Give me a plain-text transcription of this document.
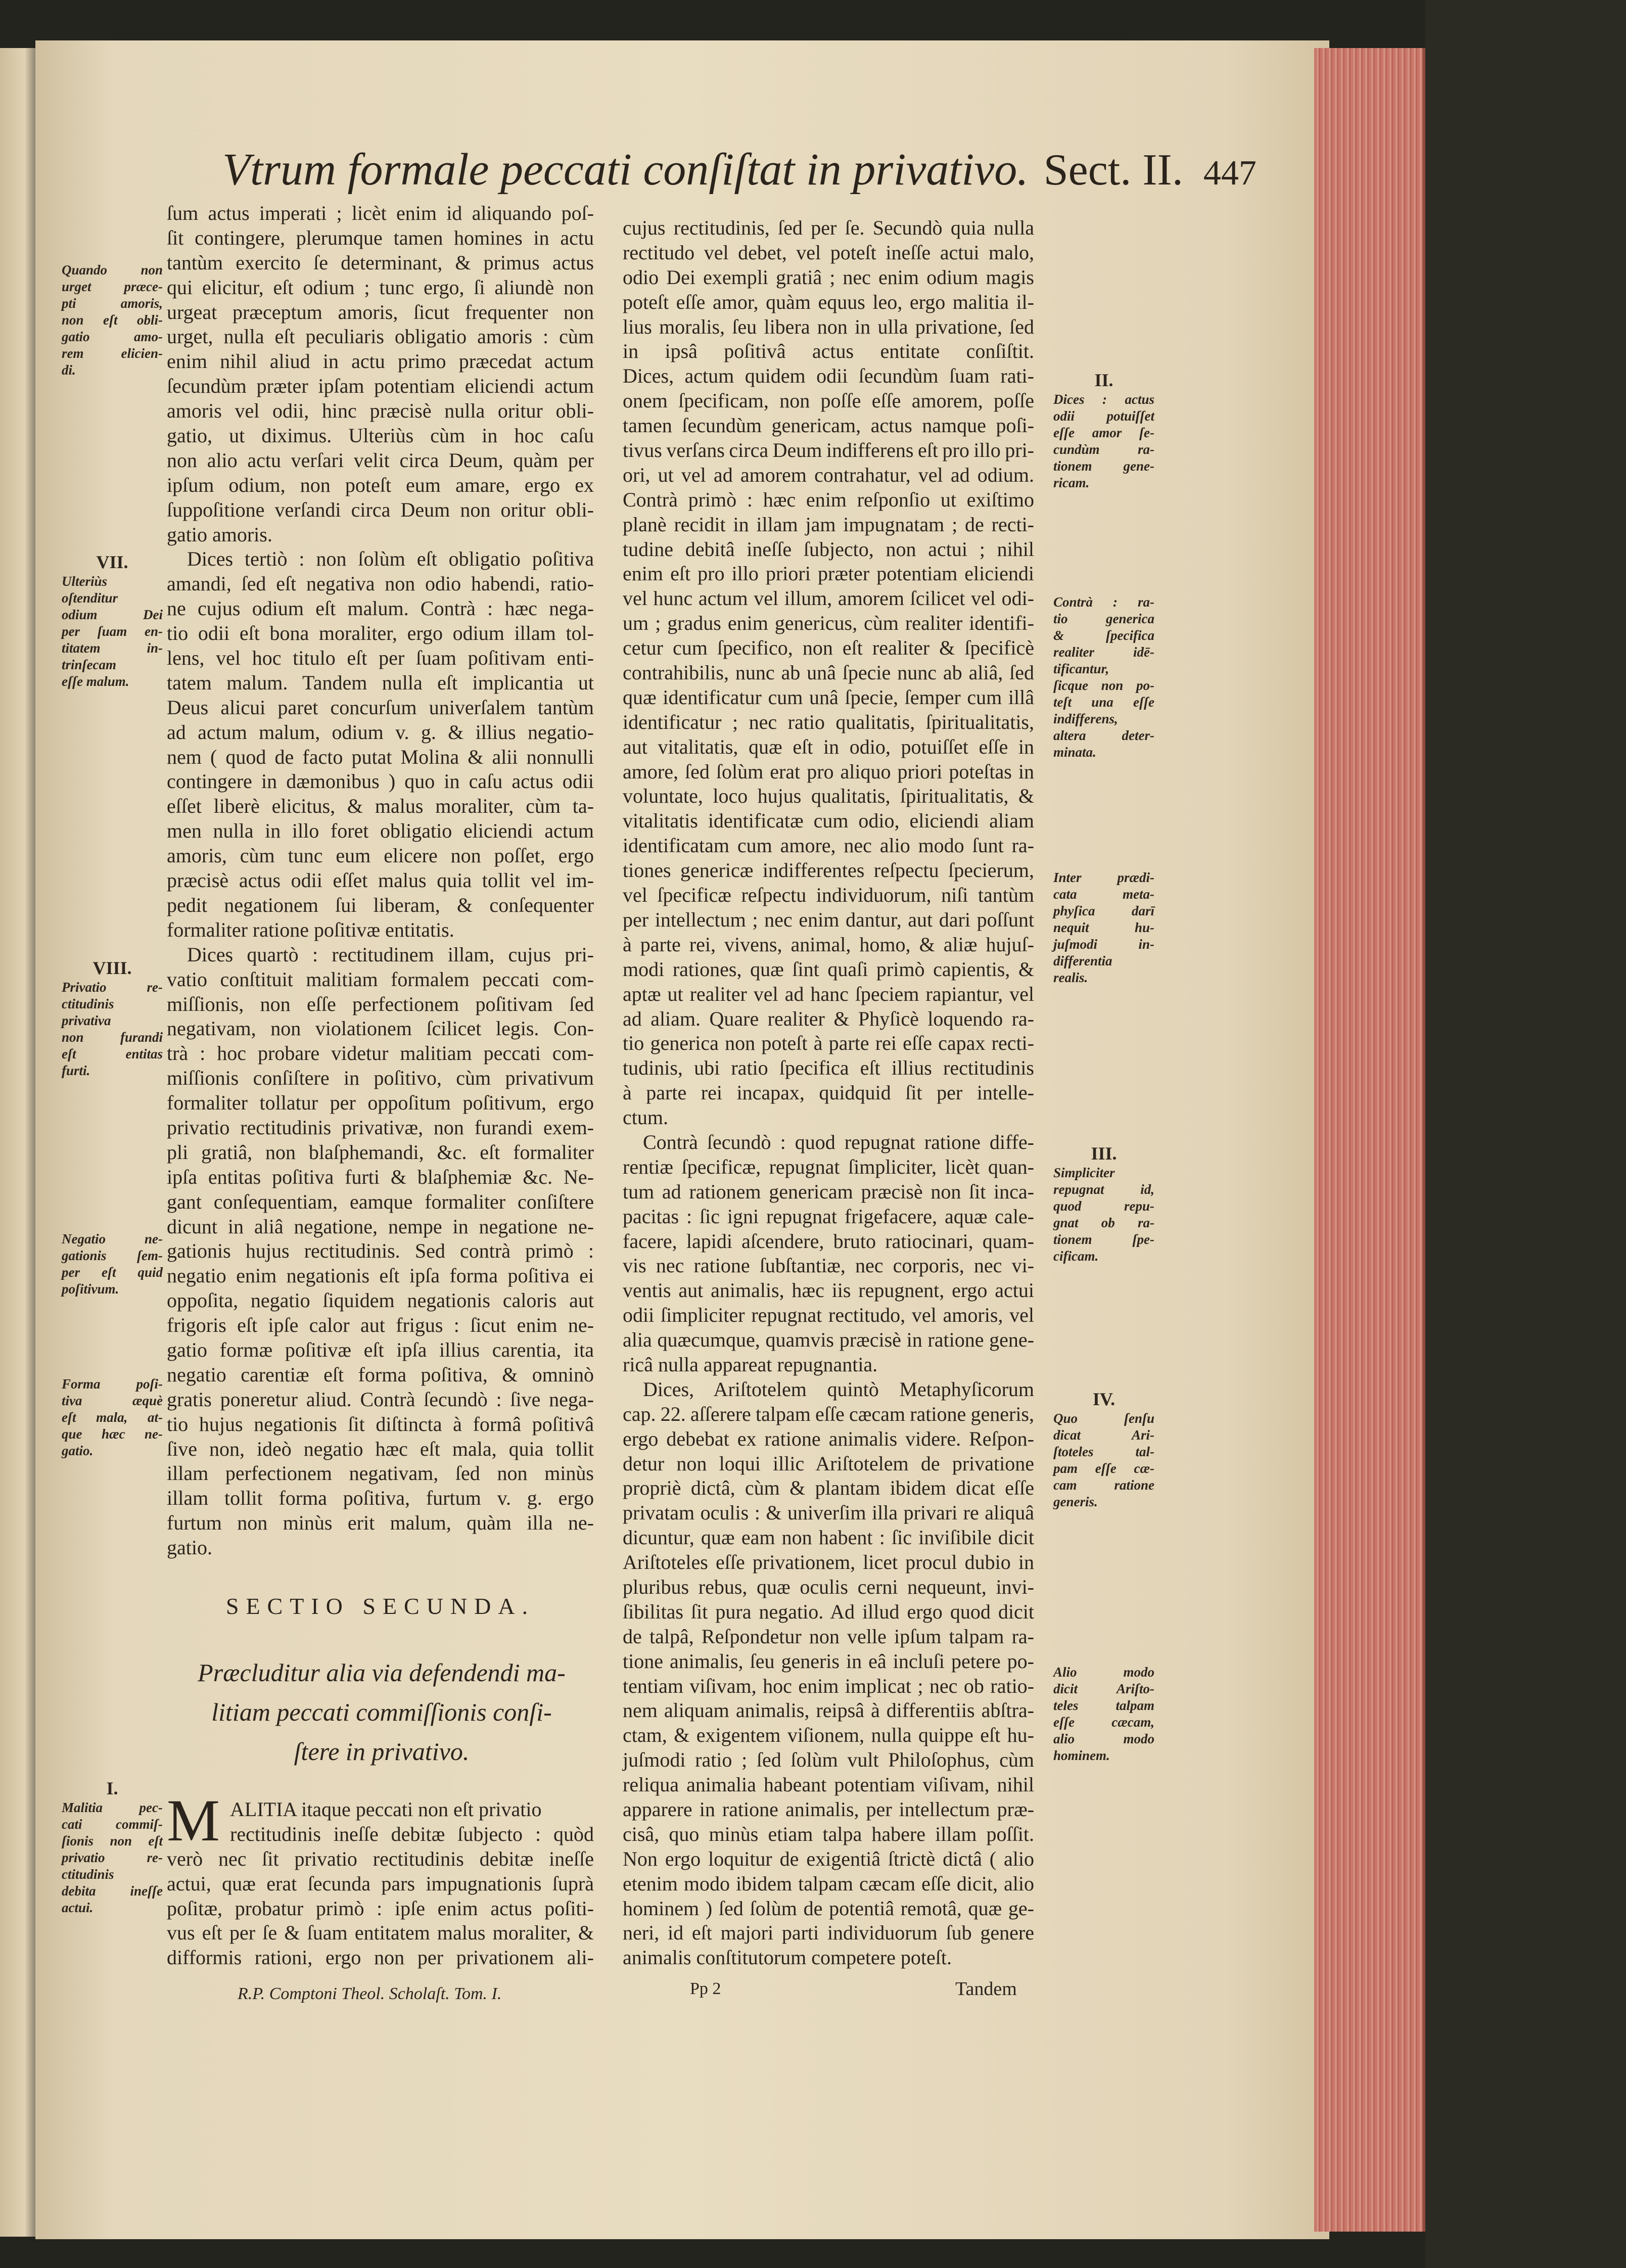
Vtrum formale peccati conſiſtat in privativo. Sect. II. 447
ſum actus imperati ; licèt enim id aliquando poſ-
ſit contingere, plerumque tamen homines in actu
tantùm exercito ſe determinant, & primus actus
qui elicitur, eſt odium ; tunc ergo, ſi aliundè non
urgeat præceptum amoris, ſicut frequenter non
urget, nulla eſt peculiaris obligatio amoris : cùm
enim nihil aliud in actu primo præcedat actum
ſecundùm præter ipſam potentiam eliciendi actum
amoris vel odii, hinc præcisè nulla oritur obli-
gatio, ut diximus. Ulteriùs cùm in hoc caſu
non alio actu verſari velit circa Deum, quàm per
ipſum odium, non poteſt eum amare, ergo ex
ſuppoſitione verſandi circa Deum non oritur obli-
gatio amoris.
Dices tertiò : non ſolùm eſt obligatio poſitiva
amandi, ſed eſt negativa non odio habendi, ratio-
ne cujus odium eſt malum. Contrà : hæc nega-
tio odii eſt bona moraliter, ergo odium illam tol-
lens, vel hoc titulo eſt per ſuam poſitivam enti-
tatem malum. Tandem nulla eſt implicantia ut
Deus alicui paret concurſum univerſalem tantùm
ad actum malum, odium v. g. & illius negatio-
nem ( quod de facto putat Molina & alii nonnulli
contingere in dæmonibus ) quo in caſu actus odii
eſſet liberè elicitus, & malus moraliter, cùm ta-
men nulla in illo foret obligatio eliciendi actum
amoris, cùm tunc eum elicere non poſſet, ergo
præcisè actus odii eſſet malus quia tollit vel im-
pedit negationem ſui liberam, & conſequenter
formaliter ratione poſitivæ entitatis.
Dices quartò : rectitudinem illam, cujus pri-
vatio conſtituit malitiam formalem peccati com-
miſſionis, non eſſe perfectionem poſitivam ſed
negativam, non violationem ſcilicet legis. Con-
trà : hoc probare videtur malitiam peccati com-
miſſionis conſiſtere in poſitivo, cùm privativum
formaliter tollatur per oppoſitum poſitivum, ergo
privatio rectitudinis privativæ, non furandi exem-
pli gratiâ, non blaſphemandi, &c. eſt formaliter
ipſa entitas poſitiva furti & blaſphemiæ &c. Ne-
gant conſequentiam, eamque formaliter conſiſtere
dicunt in aliâ negatione, nempe in negatione ne-
gationis hujus rectitudinis. Sed contrà primò :
negatio enim negationis eſt ipſa forma poſitiva ei
oppoſita, negatio ſiquidem negationis caloris aut
frigoris eſt ipſe calor aut frigus : ſicut enim ne-
gatio formæ poſitivæ eſt ipſa illius carentia, ita
negatio carentiæ eſt forma poſitiva, & omninò
gratis poneretur aliud. Contrà ſecundò : ſive nega-
tio hujus negationis ſit diſtincta à formâ poſitivâ
ſive non, ideò negatio hæc eſt mala, quia tollit
illam perfectionem negativam, ſed non minùs
illam tollit forma poſitiva, furtum v. g. ergo
furtum non minùs erit malum, quàm illa ne-
gatio.
SECTIO SECUNDA.
Præcluditur alia via defendendi ma-
litiam peccati commiſſionis conſi-
ſtere in privativo.
M ALITIA itaque peccati non eſt privatio
rectitudinis ineſſe debitæ ſubjecto : quòd
verò nec ſit privatio rectitudinis debitæ ineſſe
actui, quæ erat ſecunda pars impugnationis ſuprà
poſitæ, probatur primò : ipſe enim actus poſiti-
vus eſt per ſe & ſuam entitatem malus moraliter, &
difformis rationi, ergo non per privationem ali-
cujus rectitudinis, ſed per ſe. Secundò quia nulla
rectitudo vel debet, vel poteſt ineſſe actui malo,
odio Dei exempli gratiâ ; nec enim odium magis
poteſt eſſe amor, quàm equus leo, ergo malitia il-
lius moralis, ſeu libera non in ulla privatione, ſed
in ipsâ poſitivâ actus entitate conſiſtit.
Dices, actum quidem odii ſecundùm ſuam rati-
onem ſpecificam, non poſſe eſſe amorem, poſſe
tamen ſecundùm genericam, actus namque poſi-
tivus verſans circa Deum indifferens eſt pro illo pri-
ori, ut vel ad amorem contrahatur, vel ad odium.
Contrà primò : hæc enim reſponſio ut exiſtimo
planè recidit in illam jam impugnatam ; de recti-
tudine debitâ ineſſe ſubjecto, non actui ; nihil
enim eſt pro illo priori præter potentiam eliciendi
vel hunc actum vel illum, amorem ſcilicet vel odi-
um ; gradus enim genericus, cùm realiter identifi-
cetur cum ſpecifico, non eſt realiter & ſpecificè
contrahibilis, nunc ab unâ ſpecie nunc ab aliâ, ſed
quæ identificatur cum unâ ſpecie, ſemper cum illâ
identificatur ; nec ratio qualitatis, ſpiritualitatis,
aut vitalitatis, quæ eſt in odio, potuiſſet eſſe in
amore, ſed ſolùm erat pro aliquo priori poteſtas in
voluntate, loco hujus qualitatis, ſpiritualitatis, &
vitalitatis identificatæ cum odio, eliciendi aliam
identificatam cum amore, nec alio modo ſunt ra-
tiones genericæ indifferentes reſpectu ſpecierum,
vel ſpecificæ reſpectu individuorum, niſi tantùm
per intellectum ; nec enim dantur, aut dari poſſunt
à parte rei, vivens, animal, homo, & aliæ hujuſ-
modi rationes, quæ ſint quaſi primò capientis, &
aptæ ut realiter vel ad hanc ſpeciem rapiantur, vel
ad aliam. Quare realiter & Phyſicè loquendo ra-
tio generica non poteſt à parte rei eſſe capax recti-
tudinis, ubi ratio ſpecifica eſt illius rectitudinis
à parte rei incapax, quidquid ſit per intelle-
ctum.
Contrà ſecundò : quod repugnat ratione diffe-
rentiæ ſpecificæ, repugnat ſimpliciter, licèt quan-
tum ad rationem genericam præcisè non ſit inca-
pacitas : ſic igni repugnat frigefacere, aquæ cale-
facere, lapidi aſcendere, bruto ratiocinari, quam-
vis nec ratione ſubſtantiæ, nec corporis, nec vi-
ventis aut animalis, hæc iis repugnent, ergo actui
odii ſimpliciter repugnat rectitudo, vel amoris, vel
alia quæcumque, quamvis præcisè in ratione gene-
ricâ nulla appareat repugnantia.
Dices, Ariſtotelem quintò Metaphyſicorum
cap. 22. aſſerere talpam eſſe cæcam ratione generis,
ergo debebat ex ratione animalis videre. Reſpon-
detur non loqui illic Ariſtotelem de privatione
propriè dictâ, cùm & plantam ibidem dicat eſſe
privatam oculis : & univerſim illa privari re aliquâ
dicuntur, quæ eam non habent : ſic inviſibile dicit
Ariſtoteles eſſe privationem, licet procul dubio in
pluribus rebus, quæ oculis cerni nequeunt, invi-
ſibilitas ſit pura negatio. Ad illud ergo quod dicit
de talpâ, Reſpondetur non velle ipſum talpam ra-
tione animalis, ſeu generis in eâ incluſi petere po-
tentiam viſivam, hoc enim implicat ; nec ob ratio-
nem aliquam animalis, reipsâ à differentiis abſtra-
ctam, & exigentem viſionem, nulla quippe eſt hu-
juſmodi ratio ; ſed ſolùm vult Philoſophus, cùm
reliqua animalia habeant potentiam viſivam, nihil
apparere in ratione animalis, per intellectum præ-
cisâ, quo minùs etiam talpa habere illam poſſit.
Non ergo loquitur de exigentiâ ſtrictè dictâ ( alio
etenim modo ibidem talpam cæcam eſſe dicit, alio
hominem ) ſed ſolùm de potentiâ remotâ, quæ ge-
neri, id eſt majori parti individuorum ſub genere
animalis conſtitutorum competere poteſt.
R.P. Comptoni Theol. Scholaſt. Tom. I.	Pp 2	Tandem
Quando non
urget præce-
pti amoris,
non eſt obli-
gatio amo-
rem elicien-
di.
VII.
Ulteriùs
oſtenditur
odium Dei
per ſuam en-
titatem in-
trinſecam
eſſe malum.
VIII.
Privatio re-
ctitudinis
privativa
non furandi
eſt entitas
furti.
Negatio ne-
gationis ſem-
per eſt quid
poſitivum.
Forma poſi-
tiva æquè
eſt mala, at-
que hæc ne-
gatio.
I.
Malitia pec-
cati commiſ-
ſionis non eſt
privatio re-
ctitudinis
debita ineſſe
actui.
II.
Dices : actus
odii potuiſſet
eſſe amor ſe-
cundùm ra-
tionem gene-
ricam.
Contrà : ra-
tio generica
& ſpecifica
realiter idē-
tificantur,
ſicque non po-
teſt una eſſe
indifferens,
altera deter-
minata.
Inter prædi-
cata meta-
phyſica darī
nequit hu-
juſmodi in-
differentia
realis.
III.
Simpliciter
repugnat id,
quod repu-
gnat ob ra-
tionem ſpe-
cificam.
IV.
Quo ſenſu
dicat Ari-
ſtoteles tal-
pam eſſe cæ-
cam ratione
generis.
Alio modo
dicit Ariſto-
teles talpam
eſſe cæcam,
alio modo
hominem.
